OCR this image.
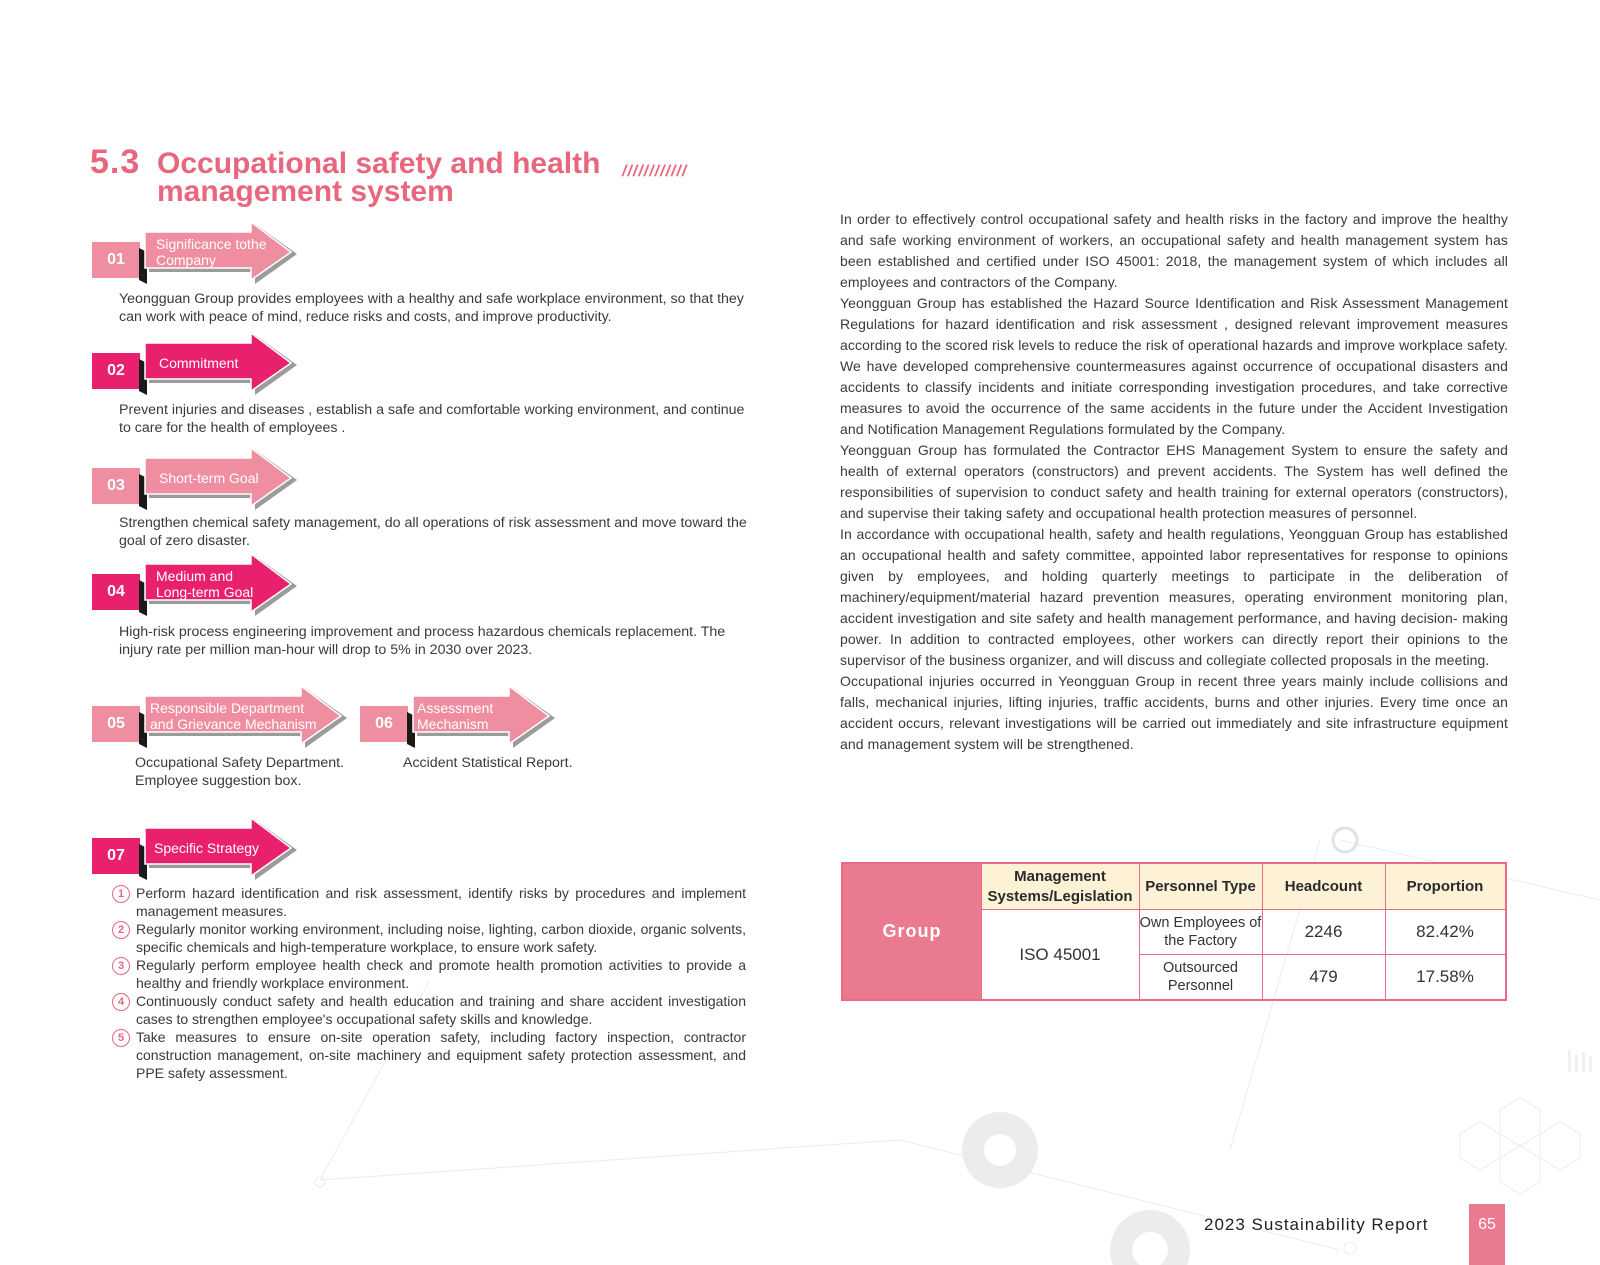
5.3 Occupational safety and health management system
////////////
01
Significance tothe Company
Yeongguan Group provides employees with a healthy and safe workplace environment, so that they can work with peace of mind, reduce risks and costs, and improve productivity.
02	Commitment
Prevent injuries and diseases , establish a safe and comfortable working environment, and continue to care for the health of employees .
03	Short-term Goal
Strengthen chemical safety management, do all operations of risk assessment and move toward the goal of zero disaster.
04
Medium and Long-term Goal
High-risk process engineering improvement and process hazardous chemicals replacement. The injury rate per million man-hour will drop to 5% in 2030 over 2023.
05
Responsible Department and Grievance Mechanism
Occupational Safety Department. Employee suggestion box.
06
Assessment Mechanism
Accident Statistical Report.
07	Specific Strategy
1 Perform hazard identification and risk assessment, identify risks by procedures and implement management measures.
2 Regularly monitor working environment, including noise, lighting, carbon dioxide, organic solvents, specific chemicals and high-temperature workplace, to ensure work safety.
3 Regularly perform employee health check and promote health promotion activities to provide a healthy and friendly workplace environment.
4 Continuously conduct safety and health education and training and share accident investigation cases to strengthen employee's occupational safety skills and knowledge.
5 Take measures to ensure on-site operation safety, including factory inspection, contractor construction management, on-site machinery and equipment safety protection assessment, and PPE safety assessment.

In order to effectively control occupational safety and health risks in the factory and improve the healthy and safe working environment of workers, an occupational safety and health management system has been established and certified under ISO 45001: 2018, the management system of which includes all employees and contractors of the Company.

Yeongguan Group has established the Hazard Source Identification and Risk Assessment Management Regulations for hazard identification and risk assessment , designed relevant improvement measures according to the scored risk levels to reduce the risk of operational hazards and improve workplace safety. We have developed comprehensive countermeasures against occurrence of occupational disasters and accidents to classify incidents and initiate corresponding investigation procedures, and take corrective measures to avoid the occurrence of the same accidents in the future under the Accident Investigation and Notification Management Regulations formulated by the Company.

Yeongguan Group has formulated the Contractor EHS Management System to ensure the safety and health of external operators (constructors) and prevent accidents. The System has well defined the responsibilities of supervision to conduct safety and health training for external operators (constructors), and supervise their taking safety and occupational health protection measures of personnel.

In accordance with occupational health, safety and health regulations, Yeongguan Group has established an occupational health and safety committee, appointed labor representatives for response to opinions given by employees, and holding quarterly meetings to participate in the deliberation of machinery/equipment/material hazard prevention measures, operating environment monitoring plan, accident investigation and site safety and health management performance, and having decision- making power. In addition to contracted employees, other workers can directly report their opinions to the supervisor of the business organizer, and will discuss and collegiate collected proposals in the meeting.

Occupational injuries occurred in Yeongguan Group in recent three years mainly include collisions and falls, mechanical injuries, lifting injuries, traffic accidents, burns and other injuries. Every time once an accident occurs, relevant investigations will be carried out immediately and site infrastructure equipment and management system will be strengthened.

Group
Management Systems/Legislation
Personnel Type	Headcount	Proportion
ISO 45001
Own Employees of the Factory	2246	82.42%
Outsourced Personnel	479	17.58%
2023 Sustainability Report	65
